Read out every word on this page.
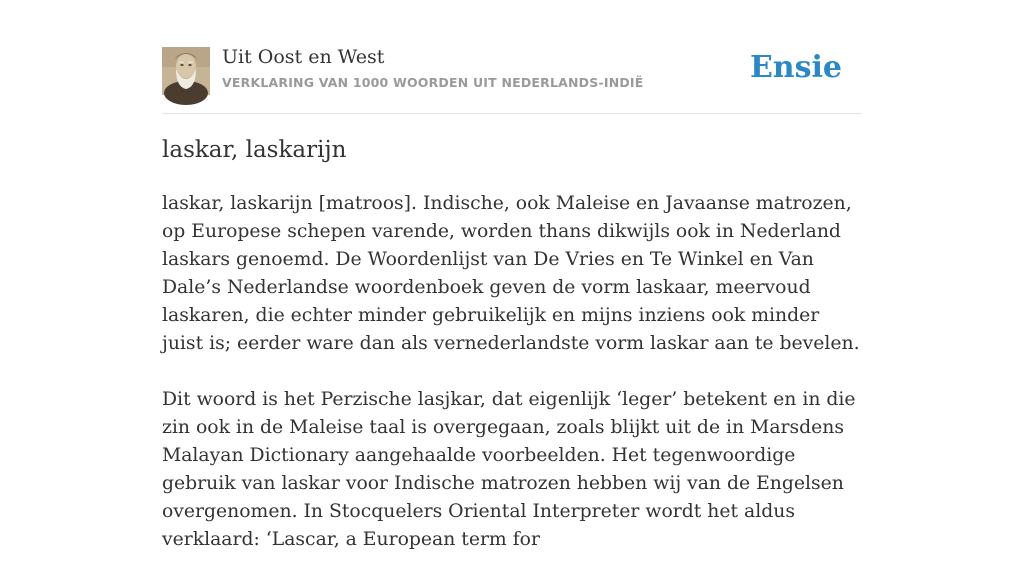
Uit Oost en West
VERKLARING VAN 1000 WOORDEN UIT NEDERLANDS-INDIË	Ensie
laskar, laskarijn

laskar, laskarijn [matroos]. Indische, ook Maleise en Javaanse matrozen, op Europese schepen varende, worden thans dikwijls ook in Nederland laskars genoemd. De Woordenlijst van De Vries en Te Winkel en Van Dale’s Nederlandse woordenboek geven de vorm laskaar, meervoud laskaren, die echter minder gebruikelijk en mijns inziens ook minder juist is; eerder ware dan als vernederlandste vorm laskar aan te bevelen.

Dit woord is het Perzische lasjkar, dat eigenlijk ‘leger’ betekent en in die zin ook in de Maleise taal is overgegaan, zoals blijkt uit de in Marsdens Malayan Dictionary aangehaalde voorbeelden. Het tegenwoordige gebruik van laskar voor Indische matrozen hebben wij van de Engelsen overgenomen. In Stocquelers Oriental Interpreter wordt het aldus verklaard: ‘Lascar, a European term for
